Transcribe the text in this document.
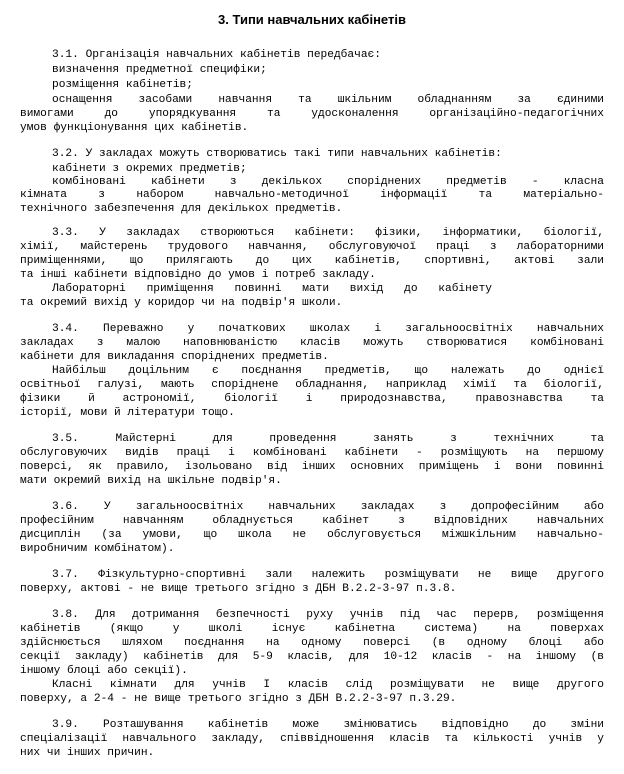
3. Типи навчальних кабінетів
3.1. Організація навчальних кабінетів передбачає:
визначення предметної специфіки;
розміщення кабінетів;
оснащення засобами навчання та шкільним обладнанням за єдиними
вимогами до упорядкування та удосконалення організаційно-педагогічних
умов функціонування цих кабінетів.
3.2. У закладах можуть створюватись такі типи навчальних кабінетів:
кабінети з окремих предметів;
комбіновані кабінети з декількох споріднених предметів - класна
кімната з набором навчально-методичної інформації та матеріально-
технічного забезпечення для декількох предметів.
3.3. У закладах створюються кабінети: фізики, інформатики, біології,
хімії, майстерень трудового навчання, обслуговуючої праці з лабораторними
приміщеннями, що прилягають до цих кабінетів, спортивні, актові зали
та інші кабінети відповідно до умов і потреб закладу.
Лабораторні приміщення повинні мати вихід до кабінету
та окремий вихід у коридор чи на подвір'я школи.
3.4. Переважно у початкових школах і загальноосвітніх навчальних
закладах з малою наповнюваністю класів можуть створюватися комбіновані
кабінети для викладання споріднених предметів.
Найбільш доцільним є поєднання предметів, що належать до однієї
освітньої галузі, мають споріднене обладнання, наприклад хімії та біології,
фізики й астрономії, біології і природознавства, правознавства та
історії, мови й літератури тощо.
3.5. Майстерні для проведення занять з технічних та
обслуговуючих видів праці і комбіновані кабінети - розміщують на першому
поверсі, як правило, ізольовано від інших основних приміщень і вони повинні
мати окремий вихід на шкільне подвір'я.
3.6. У загальноосвітніх навчальних закладах з допрофесійним або
професійним навчанням обладнується кабінет з відповідних навчальних
дисциплін (за умови, що школа не обслуговується міжшкільним навчально-
виробничим комбінатом).
3.7. Фізкультурно-спортивні зали належить розміщувати не вище другого
поверху, актові - не вище третього згідно з ДБН В.2.2-3-97 п.3.8.
3.8. Для дотримання безпечності руху учнів під час перерв, розміщення
кабінетів (якщо у школі існує кабінетна система) на поверхах
здійснюється шляхом поєднання на одному поверсі (в одному блоці або
секції закладу) кабінетів для 5-9 класів, для 10-12 класів - на іншому (в
іншому блоці або секції).
Класні кімнати для учнів I класів слід розміщувати не вище другого
поверху, а 2-4 - не вище третього згідно з ДБН В.2.2-3-97 п.3.29.
3.9. Розташування кабінетів може змінюватись відповідно до зміни
спеціалізації навчального закладу, співвідношення класів та кількості учнів у
них чи інших причин.
